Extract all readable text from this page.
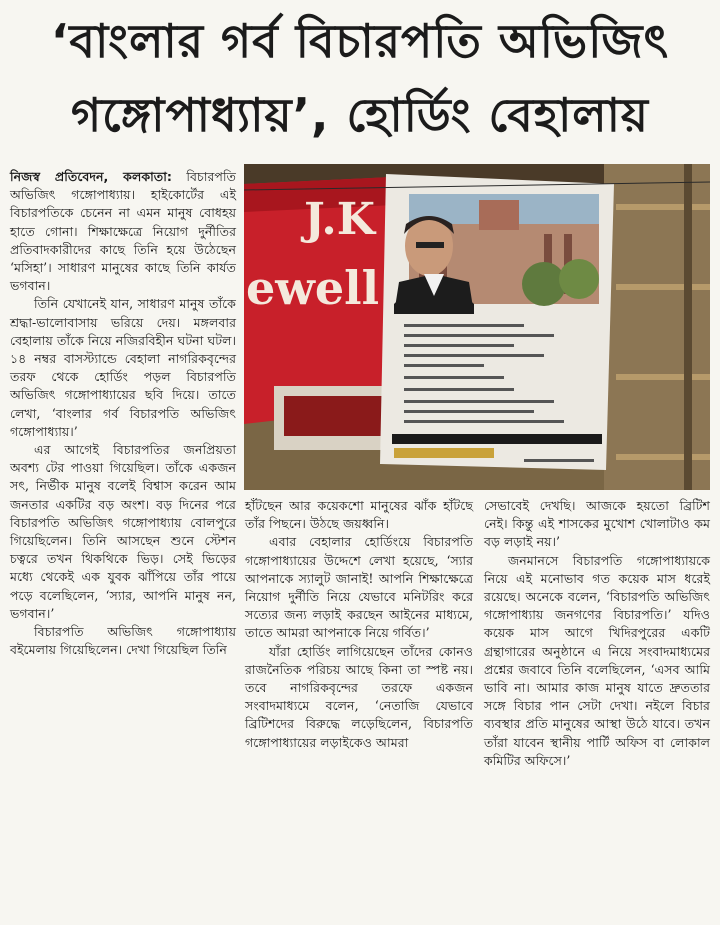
‘বাংলার গর্ব বিচারপতি অভিজিৎ
গঙ্গোপাধ্যায়’, হোর্ডিং বেহালায়

নিজস্ব প্রতিবেদন, কলকাতা: বিচারপতি অভিজিৎ গঙ্গোপাধ্যায়। হাইকোর্টের এই বিচারপতিকে চেনেন না এমন মানুষ বোধহয় হাতে গোনা। শিক্ষাক্ষেত্রে নিয়োগ দুর্নীতির প্রতিবাদকারীদের কাছে তিনি হয়ে উঠেছেন ‘মসিহা’। সাধারণ মানুষের কাছে তিনি কার্যত ভগবান।

তিনি যেখানেই যান, সাধারণ মানুষ তাঁকে শ্রদ্ধা-ভালোবাসায় ভরিয়ে দেয়। মঙ্গলবার বেহালায় তাঁকে নিয়ে নজিরবিহীন ঘটনা ঘটল। ১৪ নম্বর বাসস্ট্যান্ডে বেহালা নাগরিকবৃন্দের তরফ থেকে হোর্ডিং পড়ল বিচারপতি অভিজিৎ গঙ্গোপাধ্যায়ের ছবি দিয়ে। তাতে লেখা, ‘বাংলার গর্ব বিচারপতি অভিজিৎ গঙ্গোপাধ্যায়।’

এর আগেই বিচারপতির জনপ্রিয়তা অবশ্য টের পাওয়া গিয়েছিল। তাঁকে একজন সৎ, নির্ভীক মানুষ বলেই বিশ্বাস করেন আম জনতার একটির বড় অংশ। বড় দিনের পরে বিচারপতি অভিজিৎ গঙ্গোপাধ্যায় বোলপুরে গিয়েছিলেন। তিনি আসছেন শুনে স্টেশন চত্বরে তখন থিকথিকে ভিড়। সেই ভিড়ের মধ্যে থেকেই এক যুবক ঝাঁপিয়ে তাঁর পায়ে পড়ে বলেছিলেন, ‘স্যার, আপনি মানুষ নন, ভগবান।’

বিচারপতি অভিজিৎ গঙ্গোপাধ্যায় বইমেলায় গিয়েছিলেন। দেখা গিয়েছিল তিনি

J.K
ewell

হাঁটছেন আর কয়েকশো মানুষের ঝাঁক হাঁটছে তাঁর পিছনে। উঠছে জয়ধ্বনি।

এবার বেহালার হোর্ডিংয়ে বিচারপতি গঙ্গোপাধ্যায়ের উদ্দেশে লেখা হয়েছে, ‘স্যার আপনাকে স্যালুট জানাই! আপনি শিক্ষাক্ষেত্রে নিয়োগ দুর্নীতি নিয়ে যেভাবে মনিটরিং করে সত্যের জন্য লড়াই করছেন আইনের মাধ্যমে, তাতে আমরা আপনাকে নিয়ে গর্বিত।’

যাঁরা হোর্ডিং লাগিয়েছেন তাঁদের কোনও রাজনৈতিক পরিচয় আছে কিনা তা স্পষ্ট নয়। তবে নাগরিকবৃন্দের তরফে একজন সংবাদমাধ্যমে বলেন, ‘নেতাজি যেভাবে ব্রিটিশদের বিরুদ্ধে লড়েছিলেন, বিচারপতি গঙ্গোপাধ্যায়ের লড়াইকেও আমরা

সেভাবেই দেখছি। আজকে হয়তো ব্রিটিশ নেই। কিন্তু এই শাসকের মুখোশ খোলাটাও কম বড় লড়াই নয়।’

জনমানসে বিচারপতি গঙ্গোপাধ্যায়কে নিয়ে এই মনোভাব গত কয়েক মাস ধরেই রয়েছে। অনেকে বলেন, ‘বিচারপতি অভিজিৎ গঙ্গোপাধ্যায় জনগণের বিচারপতি।’ যদিও কয়েক মাস আগে খিদিরপুরের একটি গ্রন্থাগারের অনুষ্ঠানে এ নিয়ে সংবাদমাধ্যমের প্রশ্নের জবাবে তিনি বলেছিলেন, ‘এসব আমি ভাবি না। আমার কাজ মানুষ যাতে দ্রুততার সঙ্গে বিচার পান সেটা দেখা। নইলে বিচার ব্যবস্থার প্রতি মানুষের আস্থা উঠে যাবে। তখন তাঁরা যাবেন স্থানীয় পার্টি অফিস বা লোকাল কমিটির অফিসে।’
